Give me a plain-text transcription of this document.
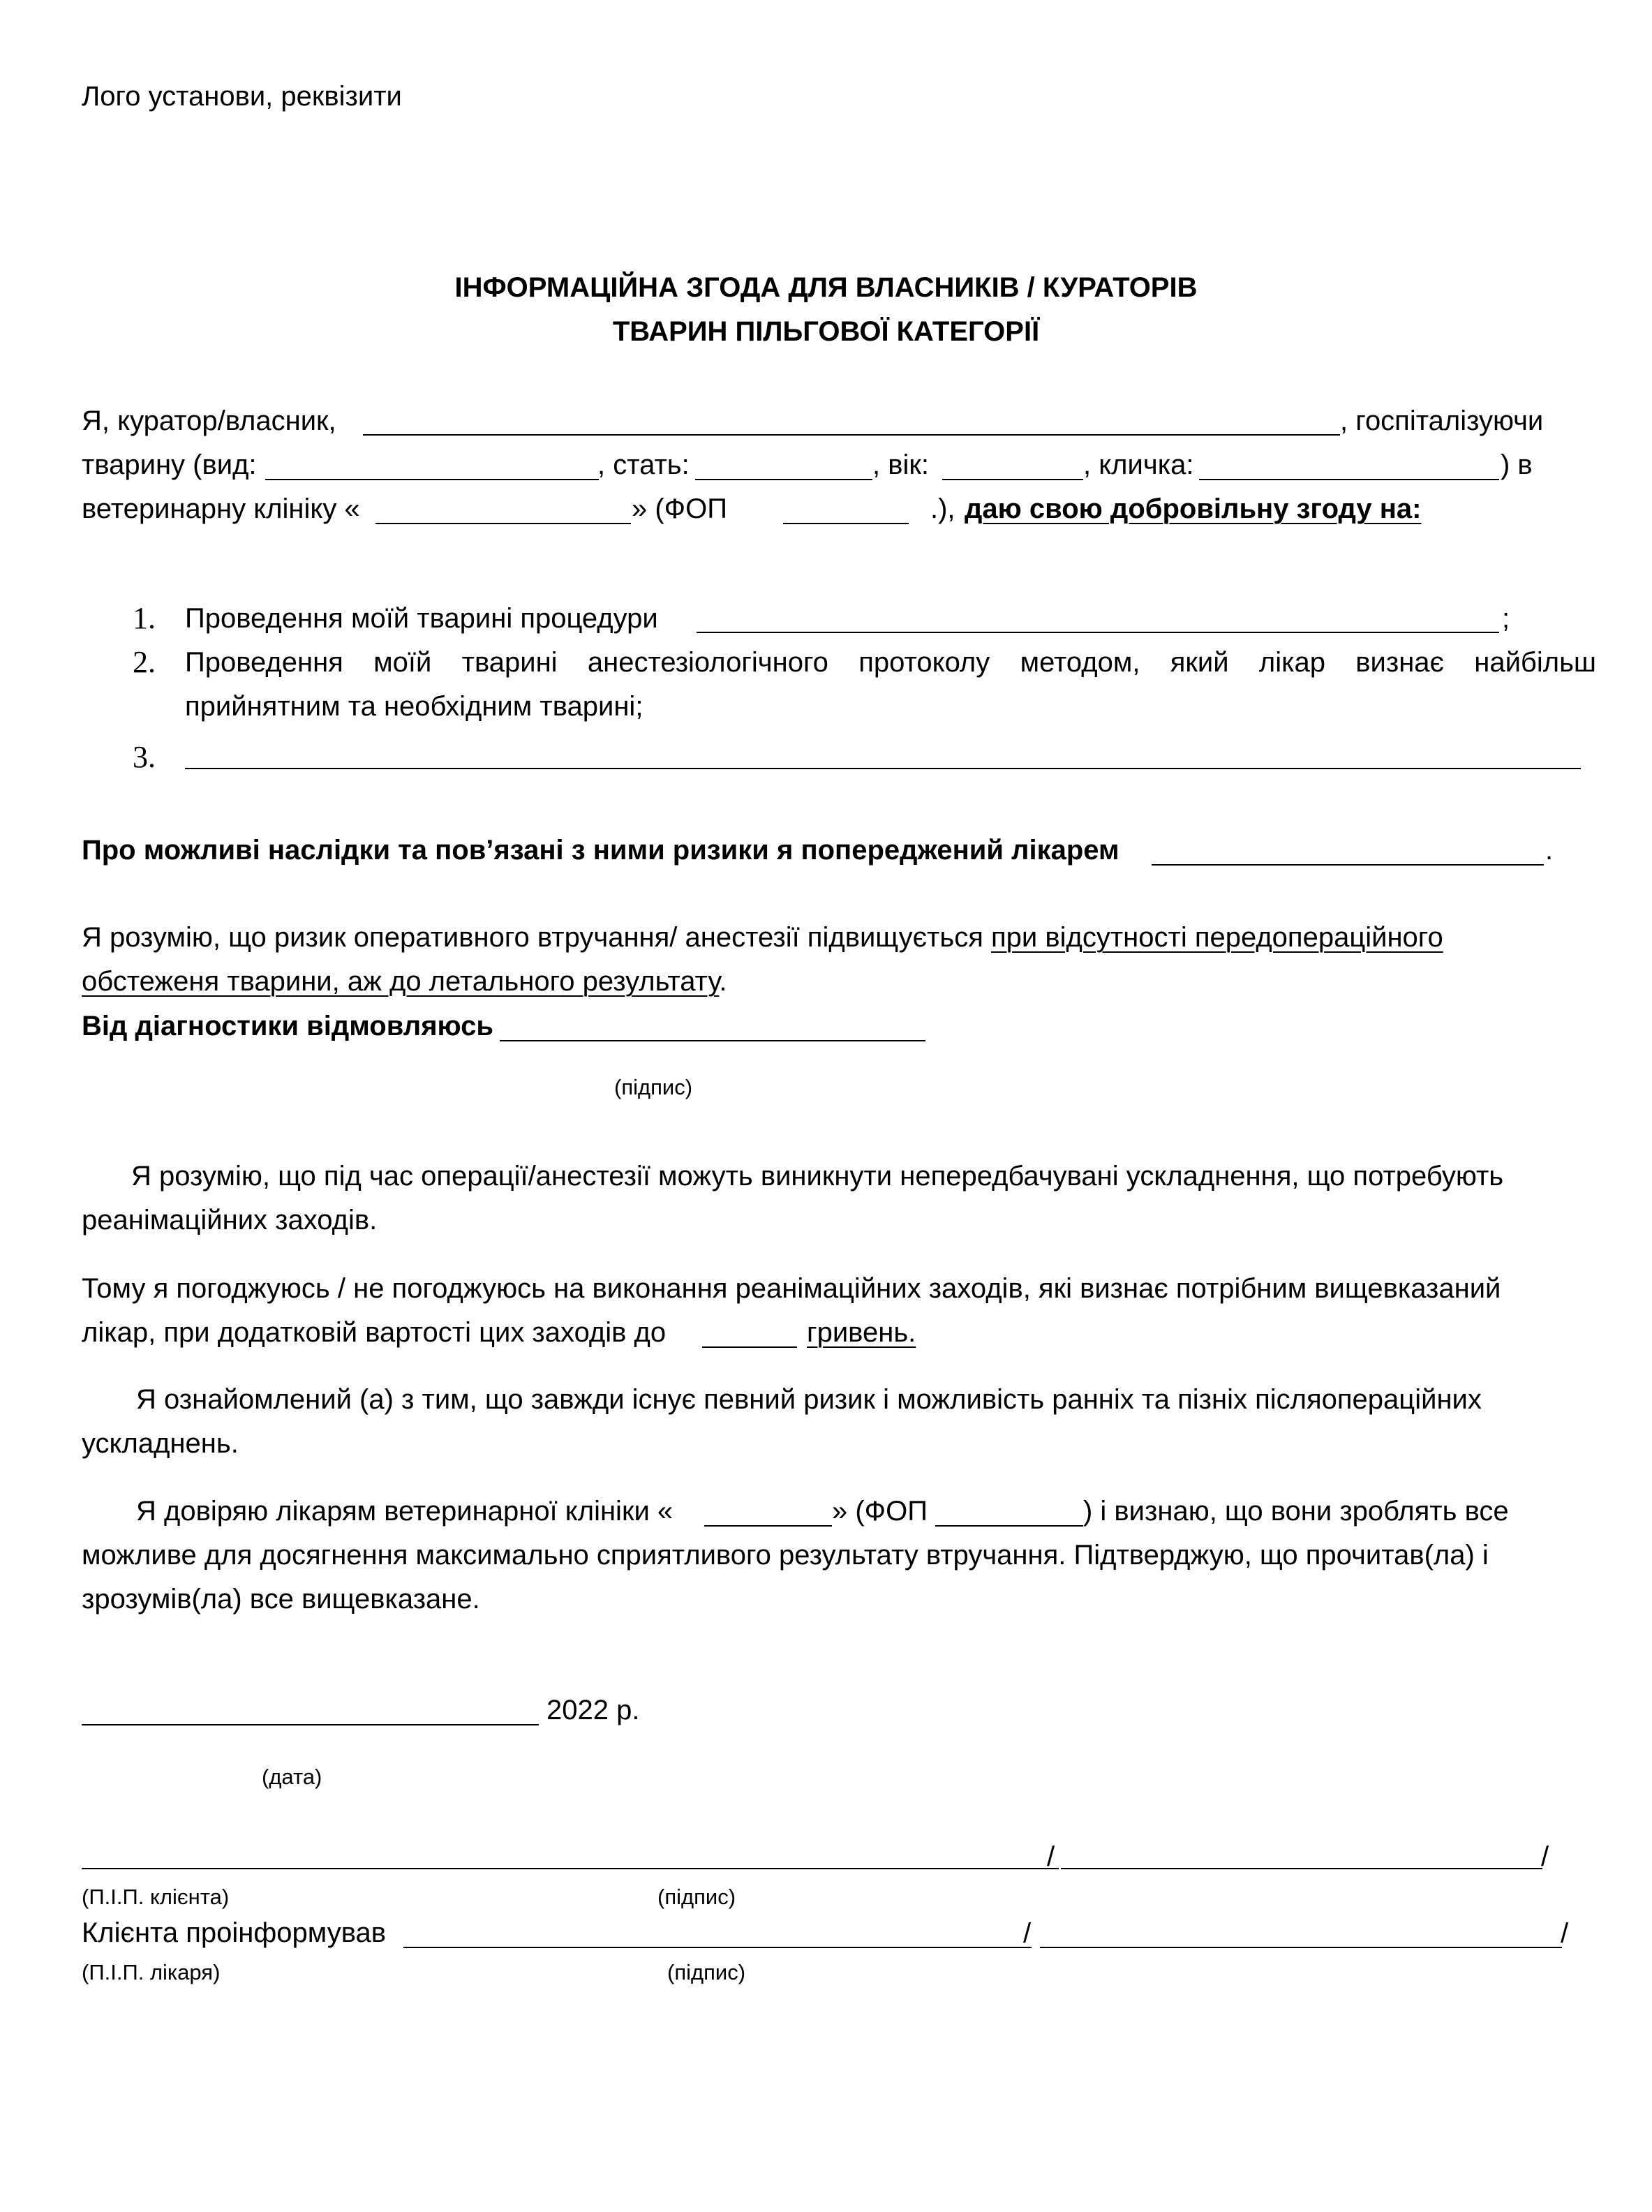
Лого установи, реквізити
ІНФОРМАЦІЙНА ЗГОДА ДЛЯ ВЛАСНИКІВ / КУРАТОРІВ
ТВАРИН ПІЛЬГОВОЇ КАТЕГОРІЇ
Я, куратор/власник,	, госпіталізуючи
тварину (вид:	, стать:	, вік:	, кличка:	) в
ветеринарну клініку «	» (ФОП	.), даю свою добровільну згоду на:
1. Проведення моїй тварині процедури	;
2. Проведення моїй тварині анестезіологічного протоколу методом, який лікар визнає найбільш
прийнятним та необхідним тварині;
3.
Про можливі наслідки та пов’язані з ними ризики я попереджений лікарем	.
Я розумію, що ризик оперативного втручання/ анестезії підвищується при відсутності передопераційного
обстеженя тварини, аж до летального результату.
Від діагностики відмовляюсь
(підпис)
Я розумію, що під час операції/анестезії можуть виникнути непередбачувані ускладнення, що потребують
реанімаційних заходів.
Тому я погоджуюсь / не погоджуюсь на виконання реанімаційних заходів, які визнає потрібним вищевказаний
лікар, при додатковій вартості цих заходів до	гривень.
Я ознайомлений (а) з тим, що завжди існує певний ризик і можливість ранніх та пізніх післяопераційних
ускладнень.
Я довіряю лікарям ветеринарної клініки «	» (ФОП	) і визнаю, що вони зроблять все
можливе для досягнення максимально сприятливого результату втручання. Підтверджую, що прочитав(ла) і
зрозумів(ла) все вищевказане.
2022 р.
(дата)
/	/
(П.І.П. клієнта)	(підпис)
Клієнта проінформував	/	/
(П.І.П. лікаря)	(підпис)
